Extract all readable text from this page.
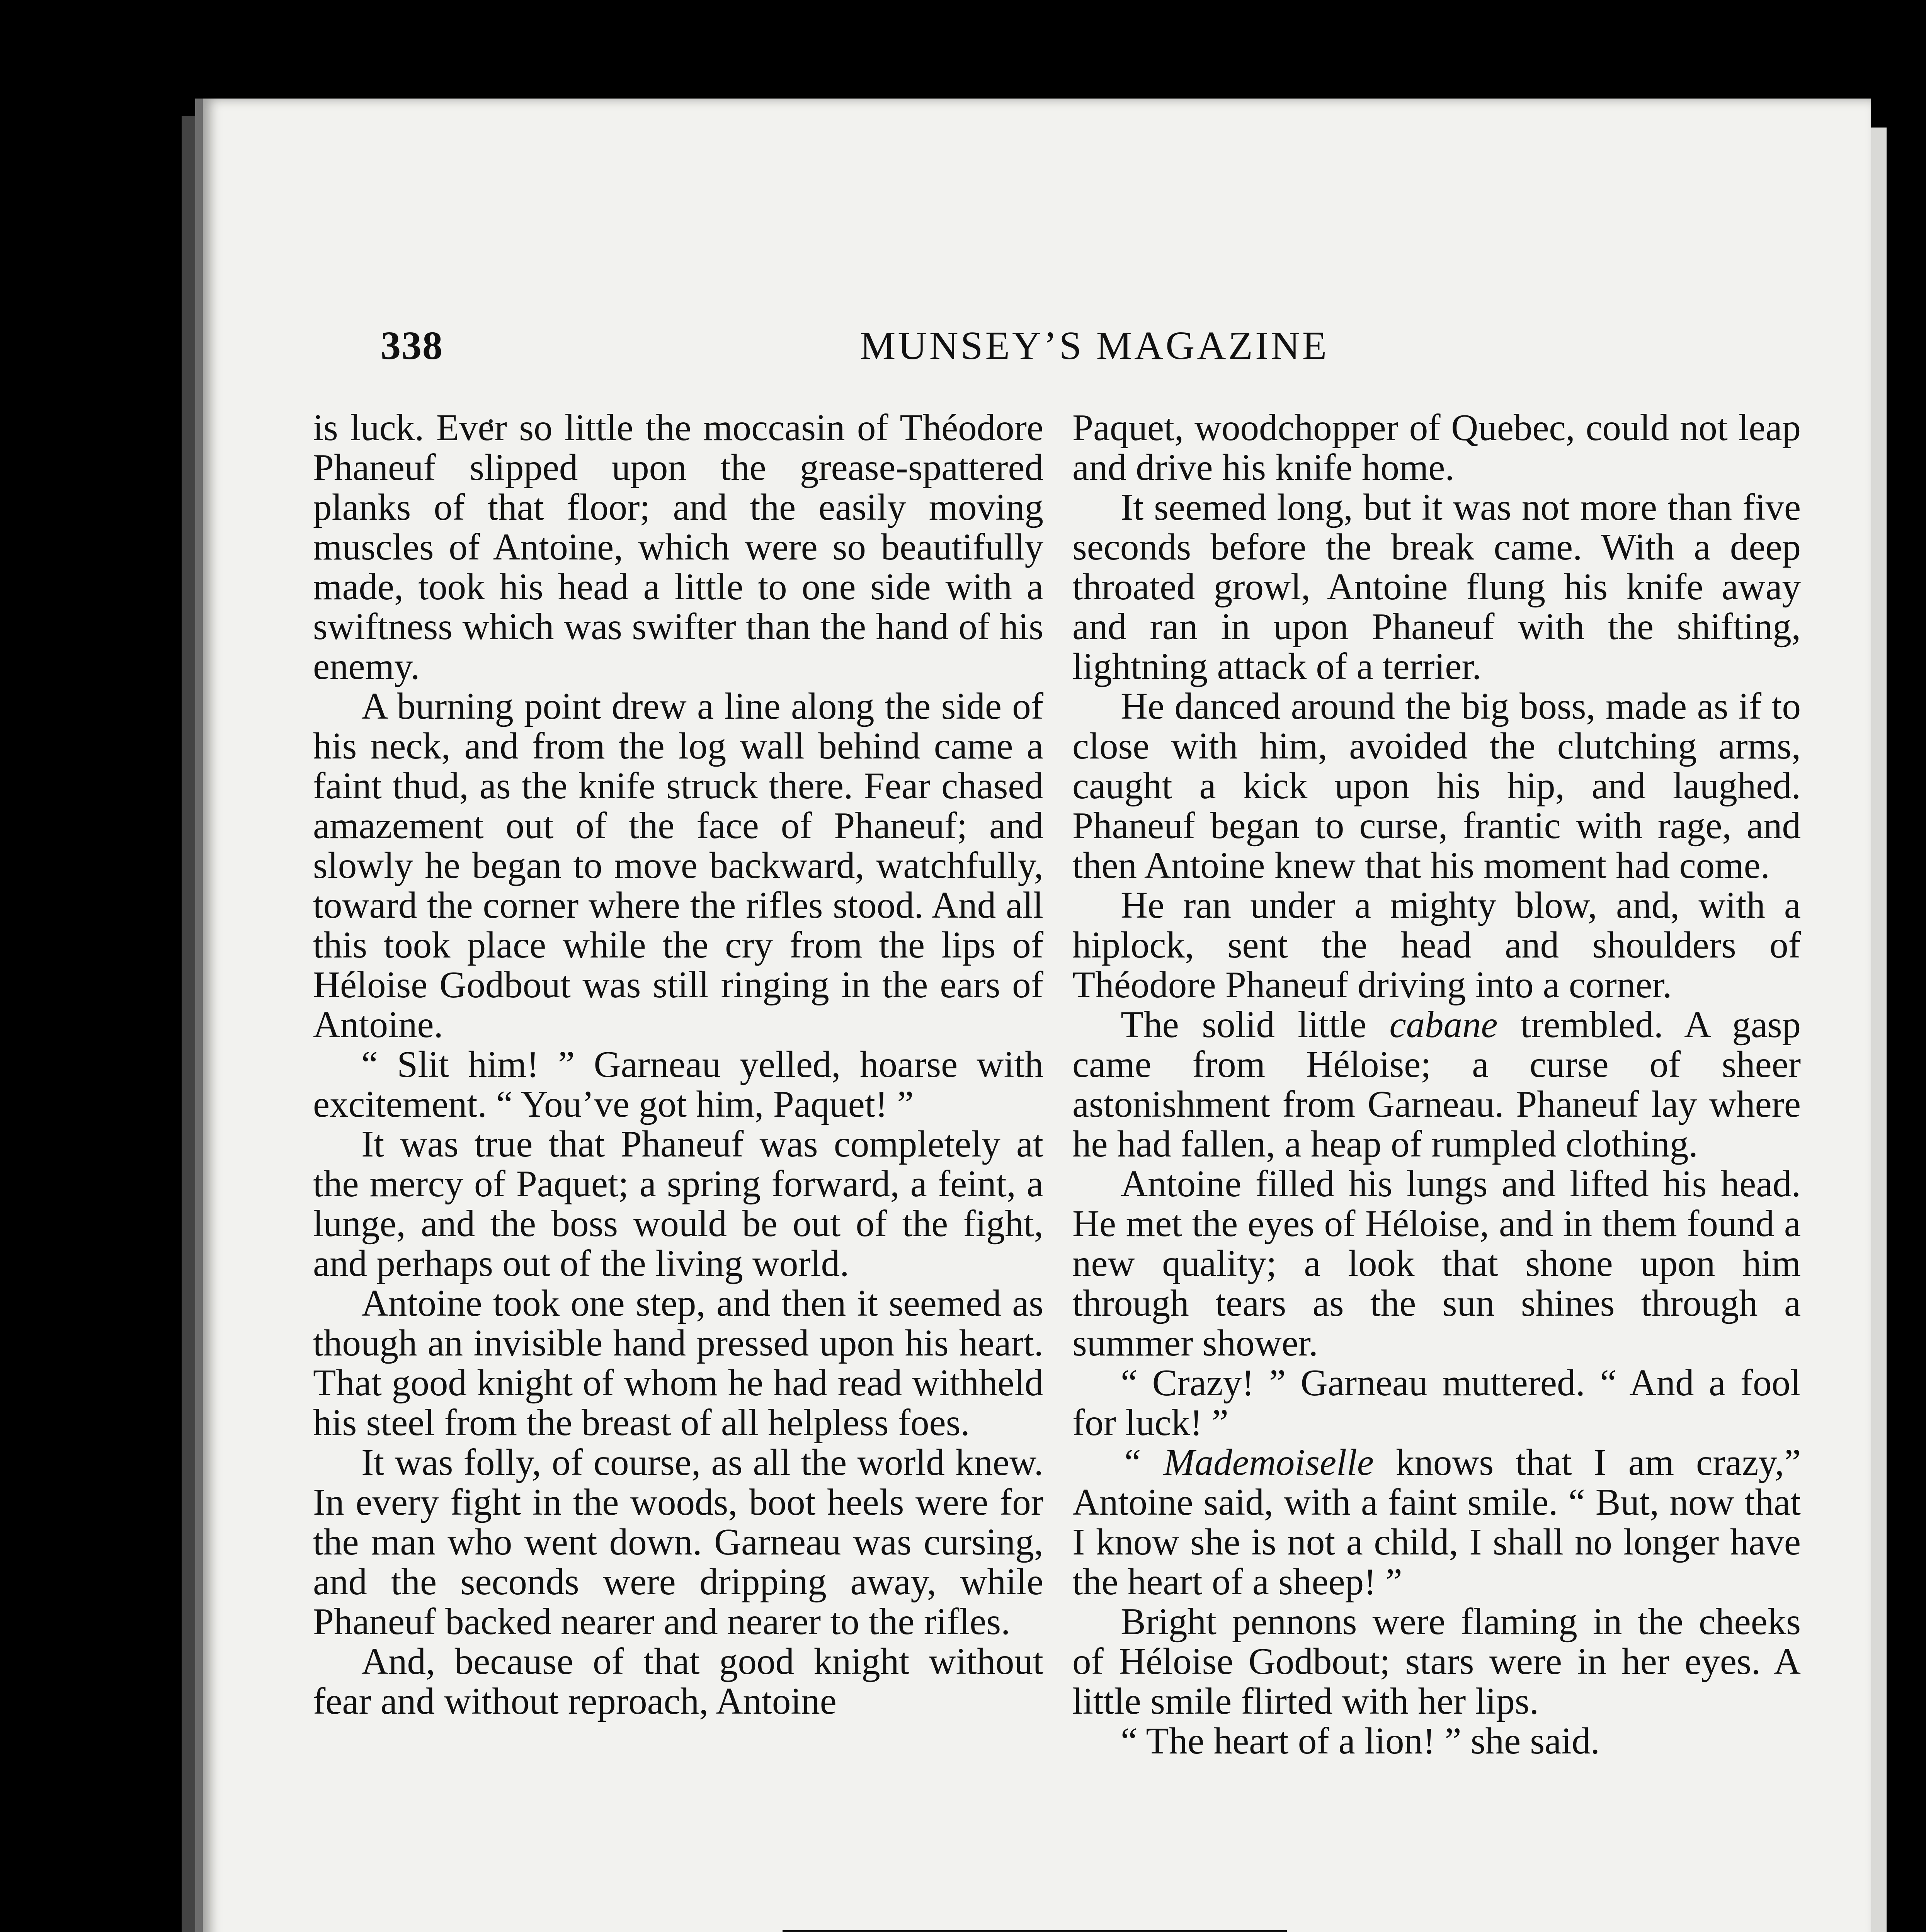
338	MUNSEY’S MAGAZINE

is luck. Ever so little the moccasin of Théodore Phaneuf slipped upon the grease-spattered planks of that floor; and the easily moving muscles of Antoine, which were so beautifully made, took his head a little to one side with a swiftness which was swifter than the hand of his enemy.

A burning point drew a line along the side of his neck, and from the log wall behind came a faint thud, as the knife struck there. Fear chased amazement out of the face of Phaneuf; and slowly he began to move backward, watchfully, toward the corner where the rifles stood. And all this took place while the cry from the lips of Héloise Godbout was still ringing in the ears of Antoine.

“ Slit him! ” Garneau yelled, hoarse with excitement. “ You’ve got him, Paquet! ”

It was true that Phaneuf was completely at the mercy of Paquet; a spring forward, a feint, a lunge, and the boss would be out of the fight, and perhaps out of the living world.

Antoine took one step, and then it seemed as though an invisible hand pressed upon his heart. That good knight of whom he had read withheld his steel from the breast of all helpless foes.

It was folly, of course, as all the world knew. In every fight in the woods, boot heels were for the man who went down. Garneau was cursing, and the seconds were dripping away, while Phaneuf backed nearer and nearer to the rifles.

And, because of that good knight without fear and without reproach, Antoine

Paquet, woodchopper of Quebec, could not leap and drive his knife home.

It seemed long, but it was not more than five seconds before the break came. With a deep throated growl, Antoine flung his knife away and ran in upon Phaneuf with the shifting, lightning attack of a terrier.

He danced around the big boss, made as if to close with him, avoided the clutching arms, caught a kick upon his hip, and laughed. Phaneuf began to curse, frantic with rage, and then Antoine knew that his moment had come.

He ran under a mighty blow, and, with a hiplock, sent the head and shoulders of Théodore Phaneuf driving into a corner.

The solid little cabane trembled. A gasp came from Héloise; a curse of sheer astonishment from Garneau. Phaneuf lay where he had fallen, a heap of rumpled clothing.

Antoine filled his lungs and lifted his head. He met the eyes of Héloise, and in them found a new quality; a look that shone upon him through tears as the sun shines through a summer shower.

“ Crazy! ” Garneau muttered. “ And a fool for luck! ”

“ Mademoiselle knows that I am crazy,” Antoine said, with a faint smile. “ But, now that I know she is not a child, I shall no longer have the heart of a sheep! ”

Bright pennons were flaming in the cheeks of Héloise Godbout; stars were in her eyes. A little smile flirted with her lips.

“ The heart of a lion! ” she said.
